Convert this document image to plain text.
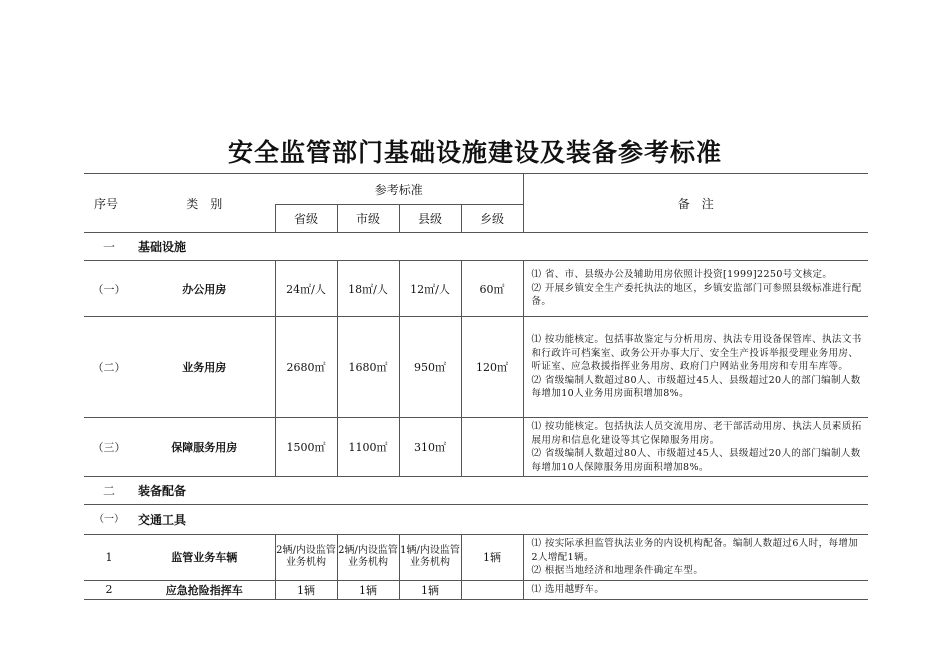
安全监管部门基础设施建设及装备参考标准
序号	类　别	参考标准				备　注
		省级	市级	县级	乡级	
一	基础设施					
（一）	办公用房	24㎡/人	18㎡/人	12㎡/人	60㎡	⑴ 省、市、县级办公及辅助用房依照计投资[1999]2250号文核定。
⑵ 开展乡镇安全生产委托执法的地区，乡镇安监部门可参照县级标准进行配备。

（二）	业务用房	2680㎡	1680㎡	950㎡	120㎡	⑴ 按功能核定。包括事故鉴定与分析用房、执法专用设备保管库、执法文书和行政许可档案室、政务公开办事大厅、安全生产投诉举报受理业务用房、听证室、应急救援指挥业务用房、政府门户网站业务用房和专用车库等。
⑵ 省级编制人数超过80人、市级超过45人、县级超过20人的部门编制人数每增加10人业务用房面积增加8%。

（三）	保障服务用房	1500㎡	1100㎡	310㎡		⑴ 按功能核定。包括执法人员交流用房、老干部活动用房、执法人员素质拓展用房和信息化建设等其它保障服务用房。
⑵ 省级编制人数超过80人、市级超过45人、县级超过20人的部门编制人数每增加10人保障服务用房面积增加8%。

二	装备配备					
（一）	交通工具					
1	监管业务车辆	2辆/内设监管业务机构	2辆/内设监管业务机构	1辆/内设监管业务机构	1辆	⑴ 按实际承担监管执法业务的内设机构配备。编制人数超过6人时，每增加2人增配1辆。
⑵ 根据当地经济和地理条件确定车型。

2	应急抢险指挥车	1辆	1辆	1辆		⑴ 选用越野车。
